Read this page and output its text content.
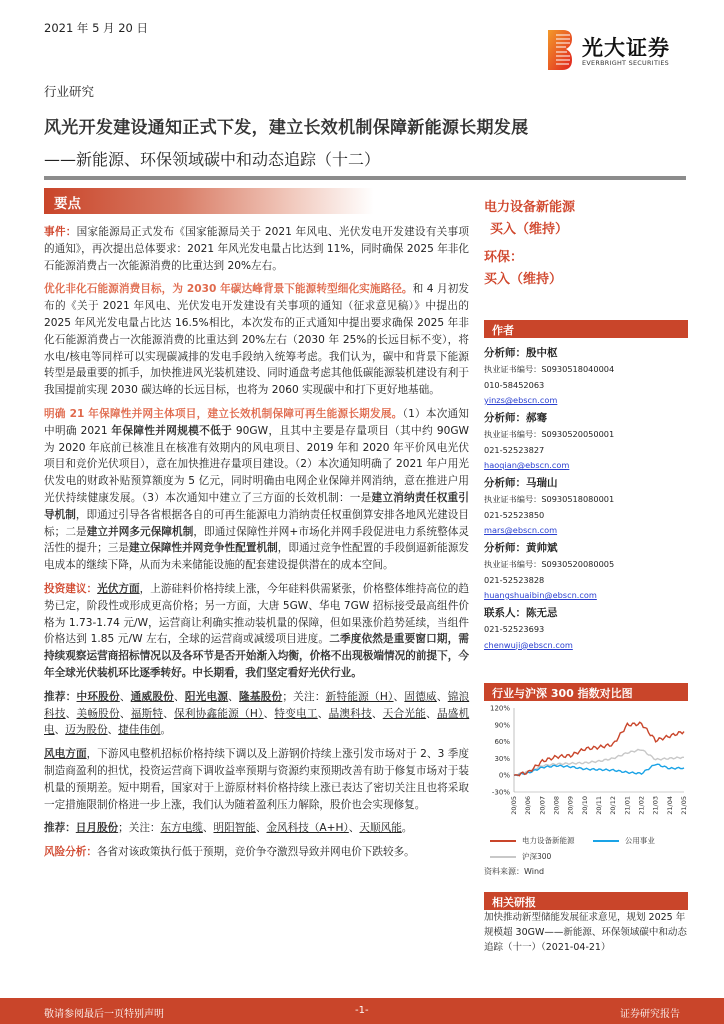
2021 年 5 月 20 日
光大证券
EVERBRIGHT SECURITIES
行业研究
风光开发建设通知正式下发，建立长效机制保障新能源长期发展
——新能源、环保领域碳中和动态追踪（十二）
要点

事件：国家能源局正式发布《国家能源局关于 2021 年风电、光伏发电开发建设有关事项的通知》，再次提出总体要求：2021 年风光发电量占比达到 11%，同时确保 2025 年非化石能源消费占一次能源消费的比重达到 20%左右。

优化非化石能源消费目标，为 2030 年碳达峰背景下能源转型细化实施路径。和 4 月初发布的《关于 2021 年风电、光伏发电开发建设有关事项的通知（征求意见稿）》中提出的 2025 年风光发电量占比达 16.5%相比，本次发布的正式通知中提出要求确保 2025 年非化石能源消费占一次能源消费的比重达到 20%左右（2030 年 25%的长远目标不变），将水电/核电等同样可以实现碳减排的发电手段纳入统筹考虑。我们认为，碳中和背景下能源转型是最重要的抓手，加快推进风光装机建设、同时通盘考虑其他低碳能源装机建设有利于我国提前实现 2030 碳达峰的长远目标，也将为 2060 实现碳中和打下更好地基础。

明确 21 年保障性并网主体项目，建立长效机制保障可再生能源长期发展。（1）本次通知中明确 2021 年保障性并网规模不低于 90GW，且其中主要是存量项目（其中约 90GW 为 2020 年底前已核准且在核准有效期内的风电项目、2019 年和 2020 年平价风电光伏项目和竞价光伏项目），意在加快推进存量项目建设。（2）本次通知明确了 2021 年户用光伏发电的财政补贴预算额度为 5 亿元，同时明确由电网企业保障并网消纳，意在推进户用光伏持续健康发展。（3）本次通知中建立了三方面的长效机制：一是建立消纳责任权重引导机制，即通过引导各省根据各自的可再生能源电力消纳责任权重倒算安排各地风光建设目标；二是建立并网多元保障机制，即通过保障性并网+市场化并网手段促进电力系统整体灵活性的提升；三是建立保障性并网竞争性配置机制，即通过竞争性配置的手段倒逼新能源发电成本的继续下降，从而为未来储能设施的配套建设提供潜在的成本空间。

投资建议：光伏方面，上游硅料价格持续上涨，今年硅料供需紧张，价格整体维持高位的趋势已定，阶段性或形成更高价格；另一方面，大唐 5GW、华电 7GW 招标接受最高组件价格为 1.73-1.74 元/W，运营商让利确实推动装机量的保障，但如果涨价趋势延续，当组件价格达到 1.85 元/W 左右，全球的运营商或减缓项目进度。二季度依然是重要窗口期，需持续观察运营商招标情况以及各环节是否开始渐入均衡，价格不出现极端情况的前提下，今年全球光伏装机环比逐季转好。中长期看，我们坚定看好光伏行业。

推荐：中环股份、通威股份、阳光电源、隆基股份；关注：新特能源（H）、固德威、锦浪科技、美畅股份、福斯特、保利协鑫能源（H）、特变电工、晶澳科技、天合光能、晶盛机电、迈为股份、捷佳伟创。

风电方面，下游风电整机招标价格持续下调以及上游钢价持续上涨引发市场对于 2、3 季度制造商盈利的担忧，投资运营商下调收益率预期与资源约束预期改善有助于修复市场对于装机量的预期差。短中期看，国家对于上游原材料价格持续上涨已表达了密切关注且也将采取一定措施限制价格进一步上涨，我们认为随着盈利压力解除，股价也会实现修复。

推荐：日月股份；关注：东方电缆、明阳智能、金风科技（A+H）、天顺风能。

风险分析：各省对该政策执行低于预期，竞价争夺激烈导致并网电价下跌较多。

电力设备新能源
买入（维持）
环保：
买入（维持）
作者
分析师：殷中枢
执业证书编号：S0930518040004
010-58452063
yinzs@ebscn.com
分析师：郝骞
执业证书编号：S0930520050001
021-52523827
haoqian@ebscn.com
分析师：马瑞山
执业证书编号：S0930518080001
021-52523850
mars@ebscn.com
分析师：黄帅斌
执业证书编号：S0930520080005
021-52523828
huangshuaibin@ebscn.com
联系人：陈无忌
021-52523693
chenwuji@ebscn.com
行业与沪深 300 指数对比图
120%
90%
60%
30%
0%
-30%
20/05 20/06 20/07 20/08 20/09 20/10 20/11 20/12 21/01 21/02 21/03 21/04 21/05
电力设备新能源	公用事业
沪深300
资料来源：Wind
相关研报
加快推动新型储能发展征求意见，规划 2025 年规模超 30GW——新能源、环保领域碳中和动态追踪（十一）（2021-04-21）
敬请参阅最后一页特别声明	-1-	证券研究报告
